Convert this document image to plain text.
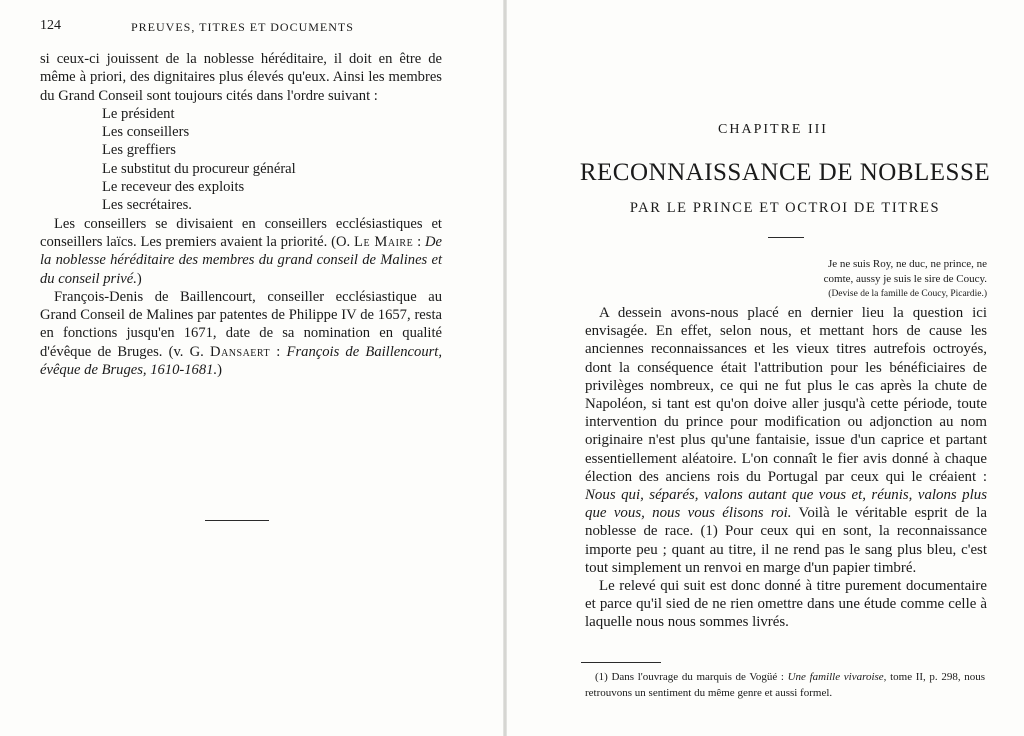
124	PREUVES, TITRES ET DOCUMENTS

si ceux-ci jouissent de la noblesse héréditaire, il doit en être de même à priori, des dignitaires plus élevés qu'eux. Ainsi les membres du Grand Conseil sont toujours cités dans l'ordre suivant :

Le président
Les conseillers
Les greffiers
Le substitut du procureur général
Le receveur des exploits
Les secrétaires.

Les conseillers se divisaient en conseillers ecclésiastiques et conseillers laïcs. Les premiers avaient la priorité. (O. Le Maire : De la noblesse héréditaire des membres du grand conseil de Malines et du conseil privé.)

François-Denis de Baillencourt, conseiller ecclésiastique au Grand Conseil de Malines par patentes de Philippe IV de 1657, resta en fonctions jusqu'en 1671, date de sa nomination en qualité d'évêque de Bruges. (v. G. Dansaert : François de Baillencourt, évêque de Bruges, 1610-1681.)

CHAPITRE III
RECONNAISSANCE DE NOBLESSE
PAR LE PRINCE ET OCTROI DE TITRES
Je ne suis Roy, ne duc, ne prince, ne
comte, aussy je suis le sire de Coucy.
(Devise de la famille de Coucy, Picardie.)

A dessein avons-nous placé en dernier lieu la question ici envisagée. En effet, selon nous, et mettant hors de cause les anciennes reconnaissances et les vieux titres autrefois octroyés, dont la conséquence était l'attribution pour les bénéficiaires de privilèges nombreux, ce qui ne fut plus le cas après la chute de Napoléon, si tant est qu'on doive aller jusqu'à cette période, toute intervention du prince pour modification ou adjonction au nom originaire n'est plus qu'une fantaisie, issue d'un caprice et partant essentiellement aléatoire. L'on connaît le fier avis donné à chaque élection des anciens rois du Portugal par ceux qui le créaient : Nous qui, séparés, valons autant que vous et, réunis, valons plus que vous, nous vous élisons roi. Voilà le véritable esprit de la noblesse de race. (1) Pour ceux qui en sont, la reconnaissance importe peu ; quant au titre, il ne rend pas le sang plus bleu, c'est tout simplement un renvoi en marge d'un papier timbré.

Le relevé qui suit est donc donné à titre purement documentaire et parce qu'il sied de ne rien omettre dans une étude comme celle à laquelle nous nous sommes livrés.

(1) Dans l'ouvrage du marquis de Vogüé : Une famille vivaroise, tome II, p. 298, nous retrouvons un sentiment du même genre et aussi formel.
